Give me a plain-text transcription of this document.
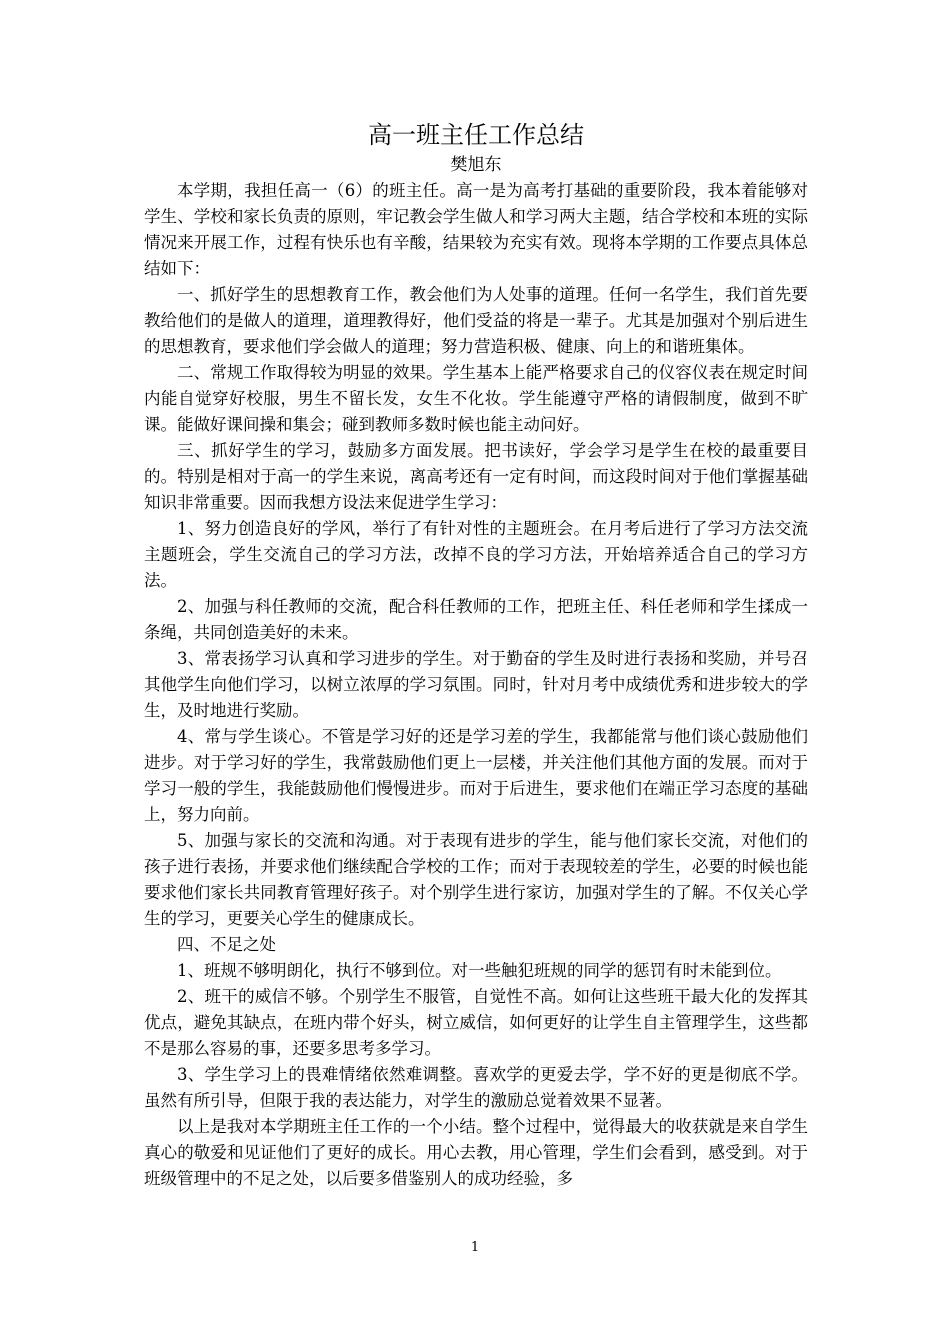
高一班主任工作总结

樊旭东

本学期，我担任高一（6）的班主任。高一是为高考打基础的重要阶段，我本着能够对学生、学校和家长负责的原则，牢记教会学生做人和学习两大主题，结合学校和本班的实际情况来开展工作，过程有快乐也有辛酸，结果较为充实有效。现将本学期的工作要点具体总结如下：

一、抓好学生的思想教育工作，教会他们为人处事的道理。任何一名学生，我们首先要教给他们的是做人的道理，道理教得好，他们受益的将是一辈子。尤其是加强对个别后进生的思想教育，要求他们学会做人的道理；努力营造积极、健康、向上的和谐班集体。

二、常规工作取得较为明显的效果。学生基本上能严格要求自己的仪容仪表在规定时间内能自觉穿好校服，男生不留长发，女生不化妆。学生能遵守严格的请假制度，做到不旷课。能做好课间操和集会；碰到教师多数时候也能主动问好。

三、抓好学生的学习，鼓励多方面发展。把书读好，学会学习是学生在校的最重要目的。特别是相对于高一的学生来说，离高考还有一定有时间，而这段时间对于他们掌握基础知识非常重要。因而我想方设法来促进学生学习：

1、努力创造良好的学风，举行了有针对性的主题班会。在月考后进行了学习方法交流主题班会，学生交流自己的学习方法，改掉不良的学习方法，开始培养适合自己的学习方法。

2、加强与科任教师的交流，配合科任教师的工作，把班主任、科任老师和学生揉成一条绳，共同创造美好的未来。

3、常表扬学习认真和学习进步的学生。对于勤奋的学生及时进行表扬和奖励，并号召其他学生向他们学习，以树立浓厚的学习氛围。同时，针对月考中成绩优秀和进步较大的学生，及时地进行奖励。

4、常与学生谈心。不管是学习好的还是学习差的学生，我都能常与他们谈心鼓励他们进步。对于学习好的学生，我常鼓励他们更上一层楼，并关注他们其他方面的发展。而对于学习一般的学生，我能鼓励他们慢慢进步。而对于后进生，要求他们在端正学习态度的基础上，努力向前。

5、加强与家长的交流和沟通。对于表现有进步的学生，能与他们家长交流，对他们的孩子进行表扬，并要求他们继续配合学校的工作；而对于表现较差的学生，必要的时候也能要求他们家长共同教育管理好孩子。对个别学生进行家访，加强对学生的了解。不仅关心学生的学习，更要关心学生的健康成长。

四、不足之处

1、班规不够明朗化，执行不够到位。对一些触犯班规的同学的惩罚有时未能到位。

2、班干的威信不够。个别学生不服管，自觉性不高。如何让这些班干最大化的发挥其优点，避免其缺点，在班内带个好头，树立威信，如何更好的让学生自主管理学生，这些都不是那么容易的事，还要多思考多学习。

3、学生学习上的畏难情绪依然难调整。喜欢学的更爱去学，学不好的更是彻底不学。虽然有所引导，但限于我的表达能力，对学生的激励总觉着效果不显著。

以上是我对本学期班主任工作的一个小结。整个过程中，觉得最大的收获就是来自学生真心的敬爱和见证他们了更好的成长。用心去教，用心管理，学生们会看到，感受到。对于班级管理中的不足之处，以后要多借鉴别人的成功经验，多

1
